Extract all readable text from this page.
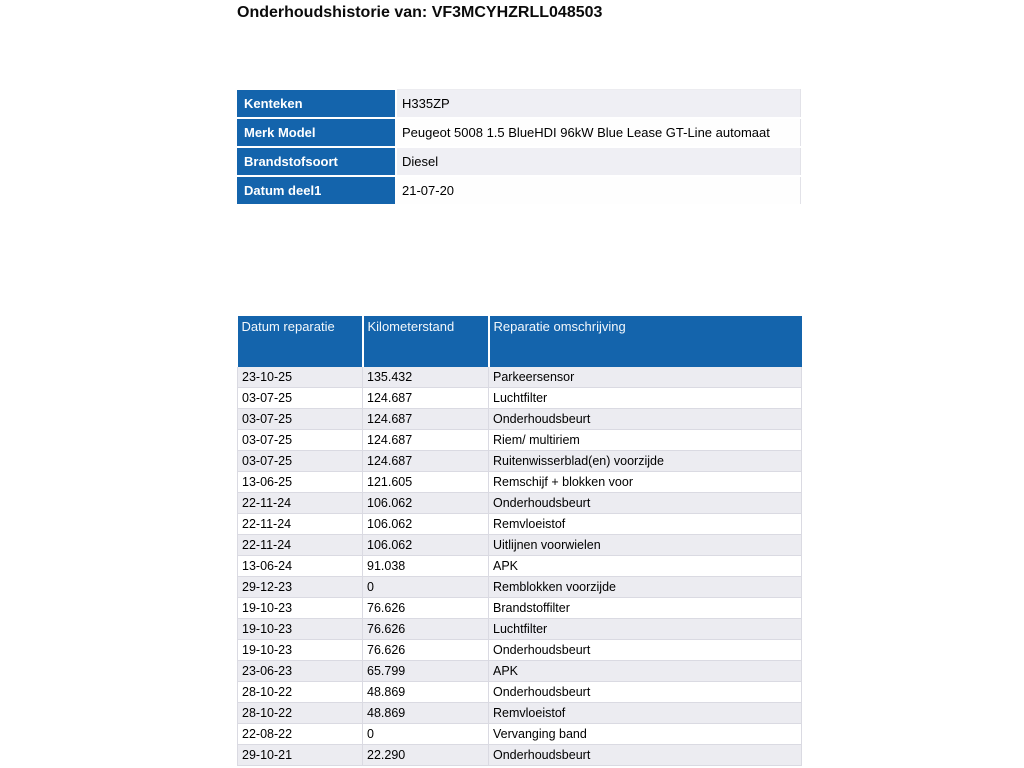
Onderhoudshistorie van: VF3MCYHZRLL048503
Kenteken	H335ZP
Merk Model	Peugeot 5008 1.5 BlueHDI 96kW Blue Lease GT-Line automaat
Brandstofsoort	Diesel
Datum deel1	21-07-20
Datum reparatie	Kilometerstand	Reparatie omschrijving
23-10-25	135.432	Parkeersensor
03-07-25	124.687	Luchtfilter
03-07-25	124.687	Onderhoudsbeurt
03-07-25	124.687	Riem/ multiriem
03-07-25	124.687	Ruitenwisserblad(en) voorzijde
13-06-25	121.605	Remschijf + blokken voor
22-11-24	106.062	Onderhoudsbeurt
22-11-24	106.062	Remvloeistof
22-11-24	106.062	Uitlijnen voorwielen
13-06-24	91.038	APK
29-12-23	0	Remblokken voorzijde
19-10-23	76.626	Brandstoffilter
19-10-23	76.626	Luchtfilter
19-10-23	76.626	Onderhoudsbeurt
23-06-23	65.799	APK
28-10-22	48.869	Onderhoudsbeurt
28-10-22	48.869	Remvloeistof
22-08-22	0	Vervanging band
29-10-21	22.290	Onderhoudsbeurt
